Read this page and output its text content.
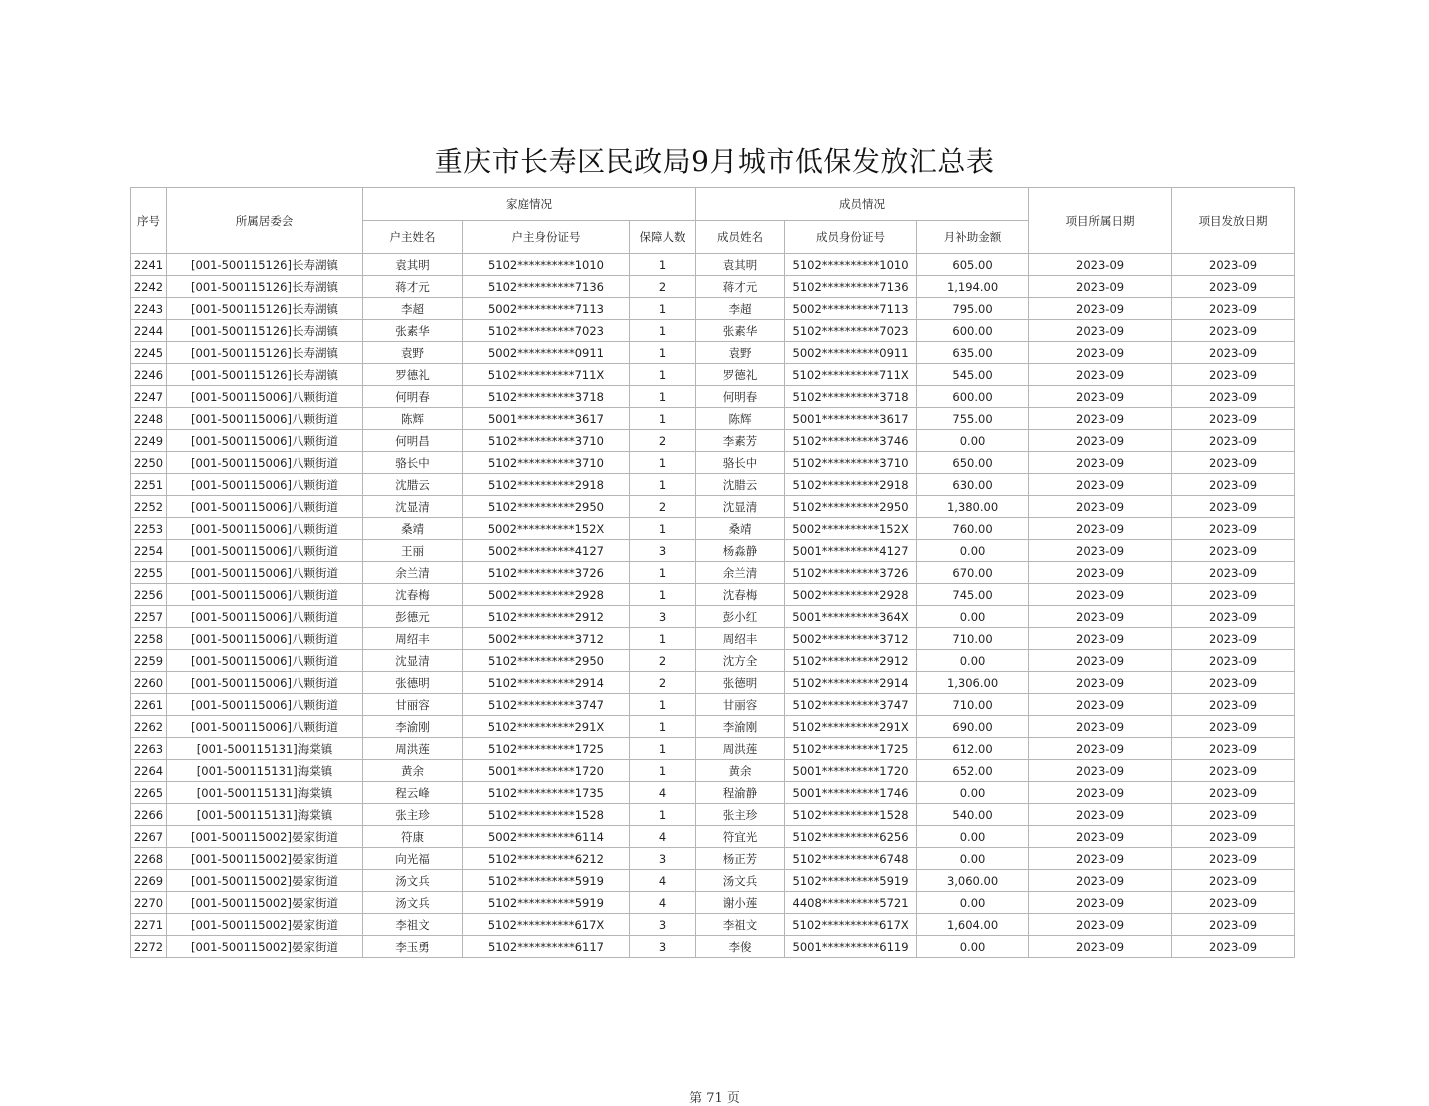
重庆市长寿区民政局9月城市低保发放汇总表
序号	所属居委会	家庭情况			成员情况			项目所属日期	项目发放日期
		户主姓名	户主身份证号	保障人数	成员姓名	成员身份证号	月补助金额		
2241	[001-500115126]长寿湖镇	袁其明	5102**********1010	1	袁其明	5102**********1010	605.00	2023-09	2023-09
2242	[001-500115126]长寿湖镇	蒋才元	5102**********7136	2	蒋才元	5102**********7136	1,194.00	2023-09	2023-09
2243	[001-500115126]长寿湖镇	李超	5002**********7113	1	李超	5002**********7113	795.00	2023-09	2023-09
2244	[001-500115126]长寿湖镇	张素华	5102**********7023	1	张素华	5102**********7023	600.00	2023-09	2023-09
2245	[001-500115126]长寿湖镇	袁野	5002**********0911	1	袁野	5002**********0911	635.00	2023-09	2023-09
2246	[001-500115126]长寿湖镇	罗德礼	5102**********711X	1	罗德礼	5102**********711X	545.00	2023-09	2023-09
2247	[001-500115006]八颗街道	何明春	5102**********3718	1	何明春	5102**********3718	600.00	2023-09	2023-09
2248	[001-500115006]八颗街道	陈辉	5001**********3617	1	陈辉	5001**********3617	755.00	2023-09	2023-09
2249	[001-500115006]八颗街道	何明昌	5102**********3710	2	李素芳	5102**********3746	0.00	2023-09	2023-09
2250	[001-500115006]八颗街道	骆长中	5102**********3710	1	骆长中	5102**********3710	650.00	2023-09	2023-09
2251	[001-500115006]八颗街道	沈腊云	5102**********2918	1	沈腊云	5102**********2918	630.00	2023-09	2023-09
2252	[001-500115006]八颗街道	沈显清	5102**********2950	2	沈显清	5102**********2950	1,380.00	2023-09	2023-09
2253	[001-500115006]八颗街道	桑靖	5002**********152X	1	桑靖	5002**********152X	760.00	2023-09	2023-09
2254	[001-500115006]八颗街道	王丽	5002**********4127	3	杨淼静	5001**********4127	0.00	2023-09	2023-09
2255	[001-500115006]八颗街道	余兰清	5102**********3726	1	余兰清	5102**********3726	670.00	2023-09	2023-09
2256	[001-500115006]八颗街道	沈春梅	5002**********2928	1	沈春梅	5002**********2928	745.00	2023-09	2023-09
2257	[001-500115006]八颗街道	彭德元	5102**********2912	3	彭小红	5001**********364X	0.00	2023-09	2023-09
2258	[001-500115006]八颗街道	周绍丰	5002**********3712	1	周绍丰	5002**********3712	710.00	2023-09	2023-09
2259	[001-500115006]八颗街道	沈显清	5102**********2950	2	沈方全	5102**********2912	0.00	2023-09	2023-09
2260	[001-500115006]八颗街道	张德明	5102**********2914	2	张德明	5102**********2914	1,306.00	2023-09	2023-09
2261	[001-500115006]八颗街道	甘丽容	5102**********3747	1	甘丽容	5102**********3747	710.00	2023-09	2023-09
2262	[001-500115006]八颗街道	李渝刚	5102**********291X	1	李渝刚	5102**********291X	690.00	2023-09	2023-09
2263	[001-500115131]海棠镇	周洪莲	5102**********1725	1	周洪莲	5102**********1725	612.00	2023-09	2023-09
2264	[001-500115131]海棠镇	黄余	5001**********1720	1	黄余	5001**********1720	652.00	2023-09	2023-09
2265	[001-500115131]海棠镇	程云峰	5102**********1735	4	程渝静	5001**********1746	0.00	2023-09	2023-09
2266	[001-500115131]海棠镇	张主珍	5102**********1528	1	张主珍	5102**********1528	540.00	2023-09	2023-09
2267	[001-500115002]晏家街道	符康	5002**********6114	4	符宜光	5102**********6256	0.00	2023-09	2023-09
2268	[001-500115002]晏家街道	向光福	5102**********6212	3	杨正芳	5102**********6748	0.00	2023-09	2023-09
2269	[001-500115002]晏家街道	汤文兵	5102**********5919	4	汤文兵	5102**********5919	3,060.00	2023-09	2023-09
2270	[001-500115002]晏家街道	汤文兵	5102**********5919	4	谢小莲	4408**********5721	0.00	2023-09	2023-09
2271	[001-500115002]晏家街道	李祖文	5102**********617X	3	李祖文	5102**********617X	1,604.00	2023-09	2023-09
2272	[001-500115002]晏家街道	李玉勇	5102**********6117	3	李俊	5001**********6119	0.00	2023-09	2023-09
第 71 页
